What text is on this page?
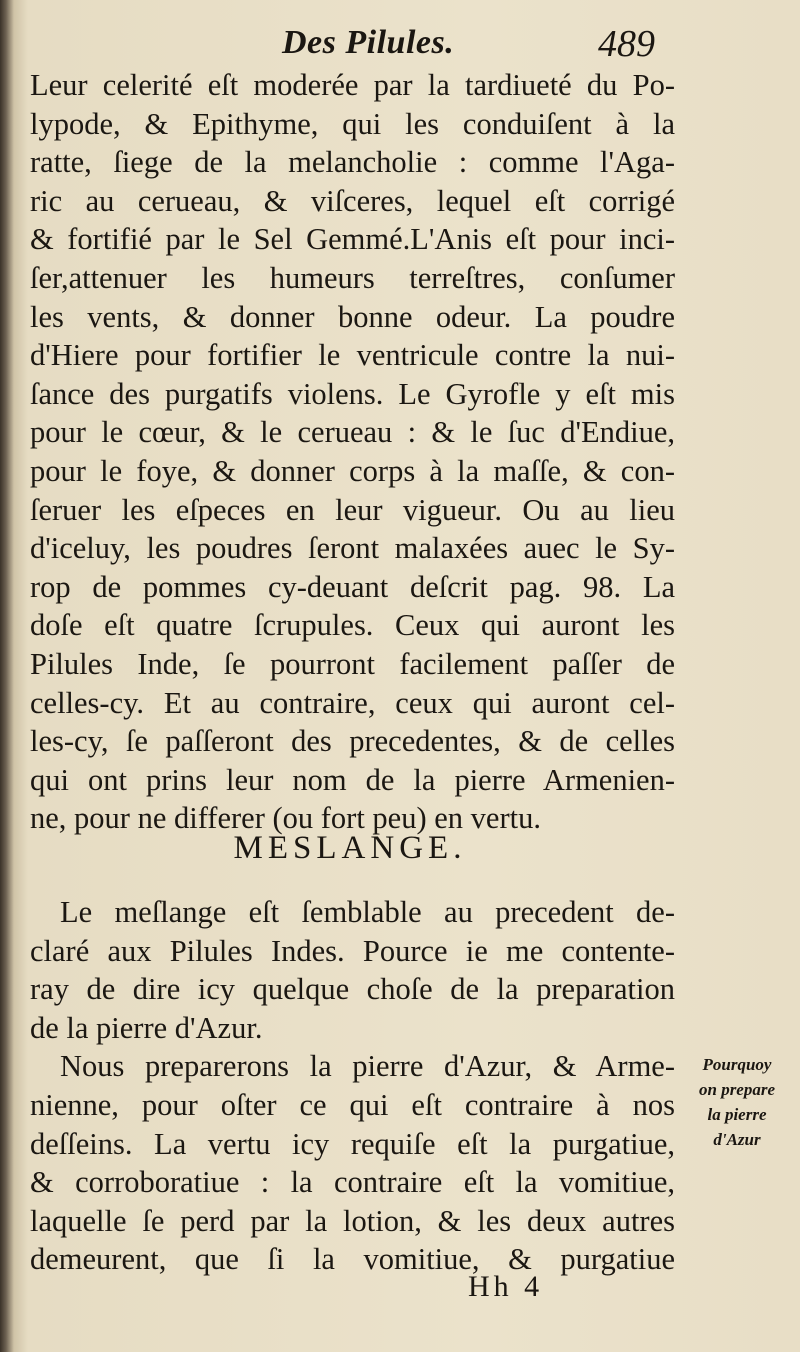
Des Pilules.	489
Leur celerité eſt moderée par la tardiueté du Po-
lypode, & Epithyme, qui les conduiſent à la
ratte, ſiege de la melancholie : comme l'Aga-
ric au cerueau, & viſceres, lequel eſt corrigé
& fortifié par le Sel Gemmé.L'Anis eſt pour inci-
ſer,attenuer les humeurs terreſtres, conſumer
les vents, & donner bonne odeur. La poudre
d'Hiere pour fortifier le ventricule contre la nui-
ſance des purgatifs violens. Le Gyrofle y eſt mis
pour le cœur, & le cerueau : & le ſuc d'Endiue,
pour le foye, & donner corps à la maſſe, & con-
ſeruer les eſpeces en leur vigueur. Ou au lieu
d'iceluy, les poudres ſeront malaxées auec le Sy-
rop de pommes cy-deuant deſcrit pag. 98. La
doſe eſt quatre ſcrupules. Ceux qui auront les
Pilules Inde, ſe pourront facilement paſſer de
celles-cy. Et au contraire, ceux qui auront cel-
les-cy, ſe paſſeront des precedentes, & de celles
qui ont prins leur nom de la pierre Armenien-
ne, pour ne differer (ou fort peu) en vertu.
MESLANGE.
Le meſlange eſt ſemblable au precedent de-
claré aux Pilules Indes. Pource ie me contente-
ray de dire icy quelque choſe de la preparation
de la pierre d'Azur.
Nous preparerons la pierre d'Azur, & Arme-
nienne, pour oſter ce qui eſt contraire à nos
deſſeins. La vertu icy requiſe eſt la purgatiue,
& corroboratiue : la contraire eſt la vomitiue,
laquelle ſe perd par la lotion, & les deux autres
demeurent, que ſi la vomitiue, & purgatiue
Pourquoy
on prepare
la pierre
d'Azur
Hh 4
